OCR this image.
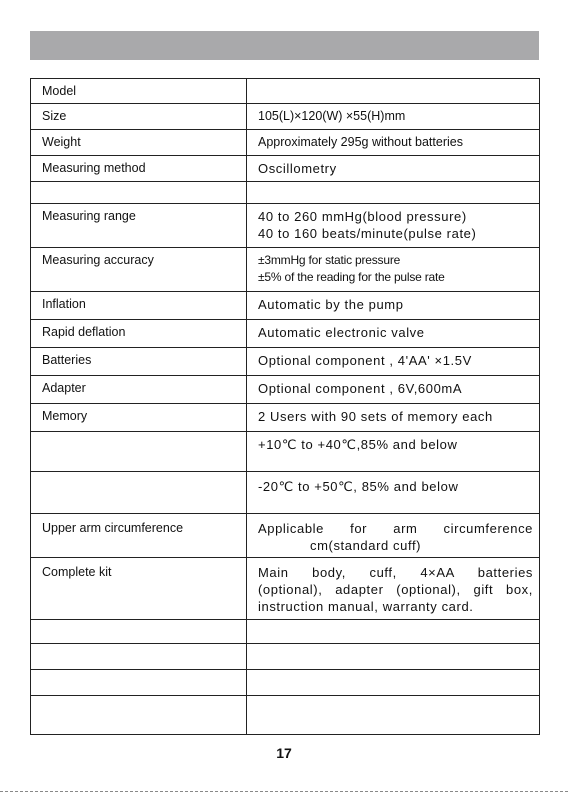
Model	
Size	105(L)×120(W) ×55(H)mm
Weight	Approximately 295g without batteries
Measuring method	Oscillometry

Measuring range	40 to 260 mmHg(blood pressure)
40 to 160 beats/minute(pulse rate)

Measuring accuracy	±3mmHg for static pressure
±5% of the reading for the pulse rate

Inflation	Automatic by the pump
Rapid deflation	Automatic electronic valve
Batteries	Optional component , 4'AA' ×1.5V
Adapter	Optional component , 6V,600mA
Memory	2 Users with 90 sets of memory each
	+10℃ to +40℃,85% and below
	-20℃ to +50℃, 85% and below
Upper arm circumference	Applicable for arm circumference
cm(standard cuff)

Complete kit	Main body, cuff, 4×AA batteries
(optional), adapter (optional), gift box,
instruction manual, warranty card.

17
